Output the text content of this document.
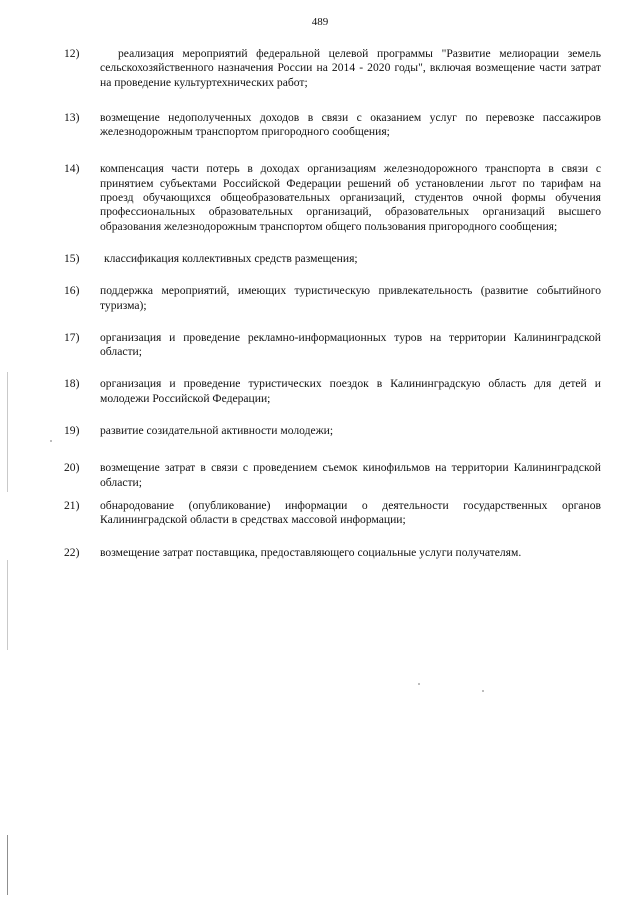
489
12)	реализация мероприятий федеральной целевой программы "Развитие мелиорации земель сельскохозяйственного назначения России на 2014 - 2020 годы", включая возмещение части затрат на проведение культуртехнических работ;
13)	возмещение недополученных доходов в связи с оказанием услуг по перевозке пассажиров железнодорожным транспортом пригородного сообщения;
14)	компенсация части потерь в доходах организациям железнодорожного транспорта в связи с принятием субъектами Российской Федерации решений об установлении льгот по тарифам на проезд обучающихся общеобразовательных организаций, студентов очной формы обучения профессиональных образовательных организаций, образовательных организаций высшего образования железнодорожным транспортом общего пользования пригородного сообщения;
15)	классификация коллективных средств размещения;
16)	поддержка мероприятий, имеющих туристическую привлекательность (развитие событийного туризма);
17)	организация и проведение рекламно-информационных туров на территории Калининградской области;
18)	организация и проведение туристических поездок в Калининградскую область для детей и молодежи Российской Федерации;
19)	развитие созидательной активности молодежи;
20)	возмещение затрат в связи с проведением съемок кинофильмов на территории Калининградской области;
21)	обнародование (опубликование) информации о деятельности государственных органов Калининградской области в средствах массовой информации;
22)	возмещение затрат поставщика, предоставляющего социальные услуги получателям.
